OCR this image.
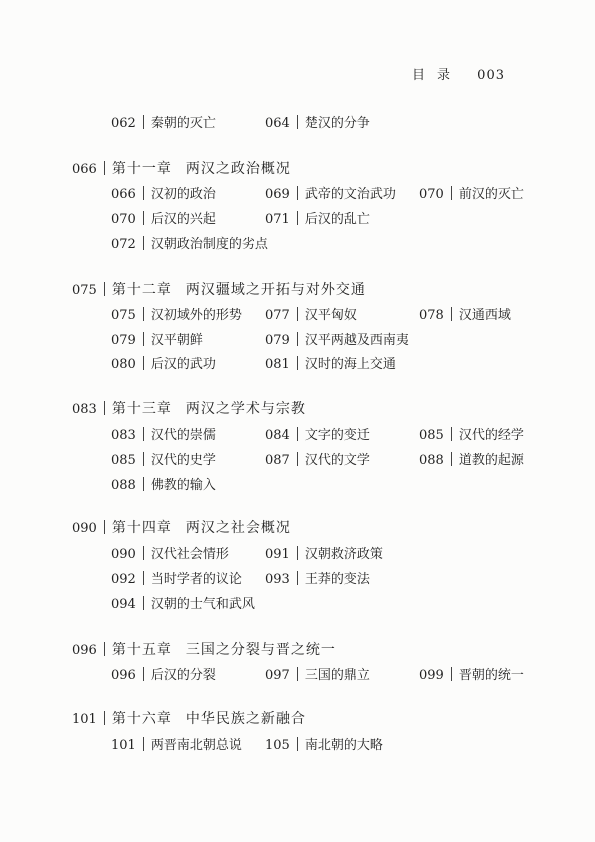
目录 003
062 秦朝的灭亡	064 楚汉的分争
066 第十一章 两汉之政治概况
066 汉初的政治	069 武帝的文治武功 070 前汉的灭亡
070 后汉的兴起	071 后汉的乱亡
072 汉朝政治制度的劣点
075 第十二章 两汉疆域之开拓与对外交通
075 汉初域外的形势 077 汉平匈奴	078 汉通西域
079 汉平朝鲜	079 汉平两越及西南夷
080 后汉的武功	081 汉时的海上交通
083 第十三章 两汉之学术与宗教
083 汉代的崇儒	084 文字的变迁	085 汉代的经学
085 汉代的史学	087 汉代的文学	088 道教的起源
088 佛教的输入
090 第十四章 两汉之社会概况
090 汉代社会情形	091 汉朝救济政策
092 当时学者的议论 093 王莽的变法
094 汉朝的士气和武风
096 第十五章 三国之分裂与晋之统一
096 后汉的分裂	097 三国的鼎立	099 晋朝的统一
101 第十六章 中华民族之新融合
101 两晋南北朝总说 105 南北朝的大略
